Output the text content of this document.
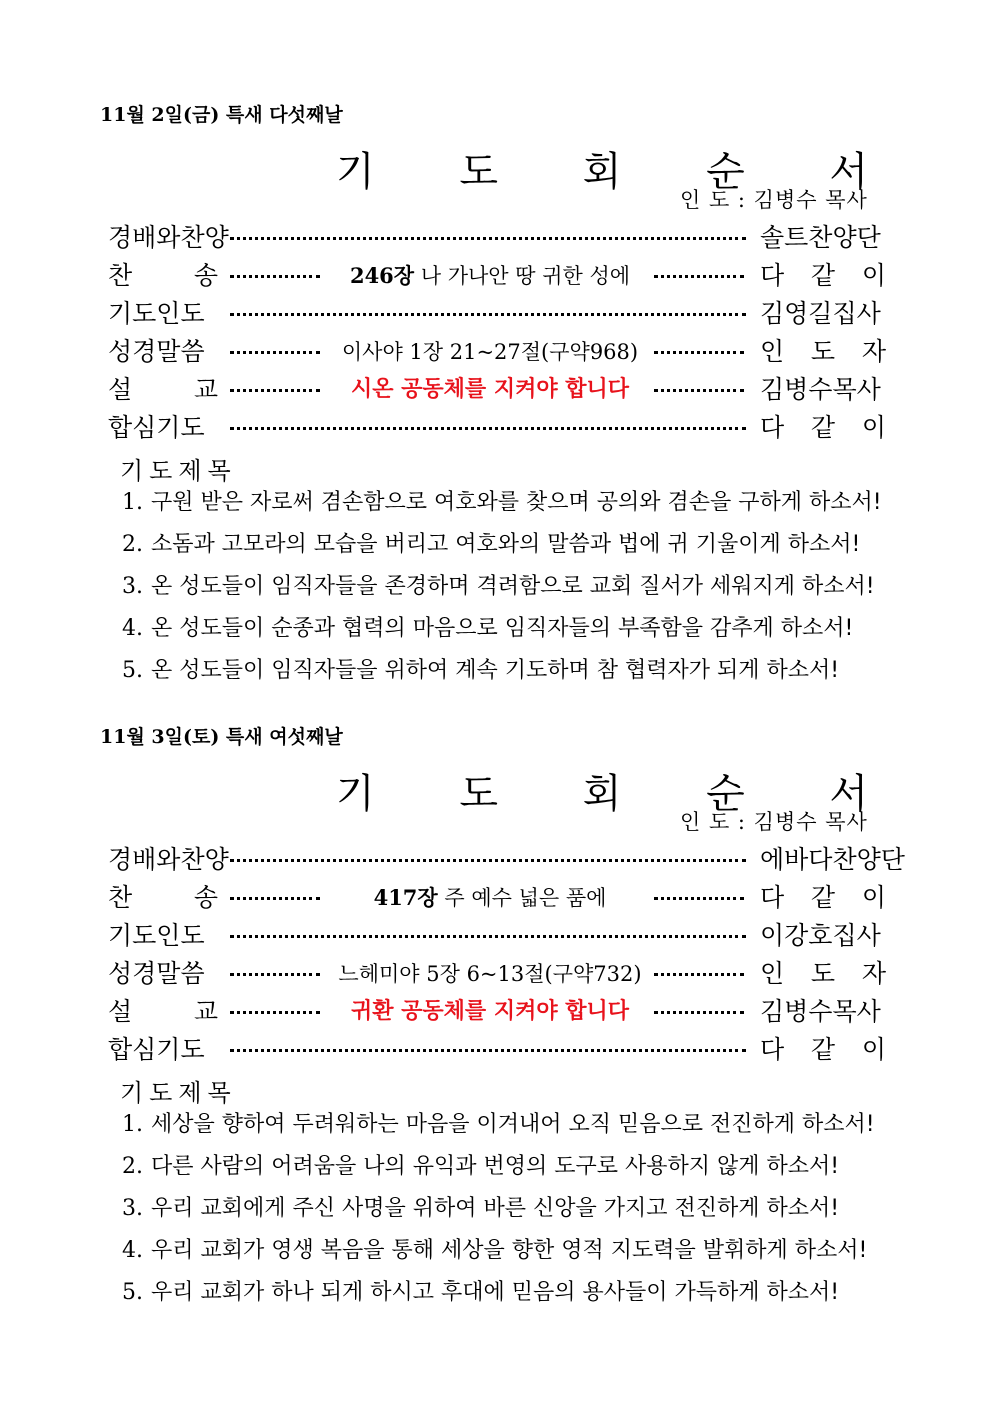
11월 2일(금) 특새 다섯째날
기 도 회 순 서
인 도 : 김병수 목사
경배와찬양	솔트찬양단
찬 송	246장 나 가나안 땅 귀한 성에	다 같 이
기도인도	김영길집사
성경말씀	이사야 1장 21~27절(구약968)	인 도 자
설 교	시온 공동체를 지켜야 합니다	김병수목사
합심기도	다 같 이
기도제목
1. 구원 받은 자로써 겸손함으로 여호와를 찾으며 공의와 겸손을 구하게 하소서!
2. 소돔과 고모라의 모습을 버리고 여호와의 말씀과 법에 귀 기울이게 하소서!
3. 온 성도들이 임직자들을 존경하며 격려함으로 교회 질서가 세워지게 하소서!
4. 온 성도들이 순종과 협력의 마음으로 임직자들의 부족함을 감추게 하소서!
5. 온 성도들이 임직자들을 위하여 계속 기도하며 참 협력자가 되게 하소서!
11월 3일(토) 특새 여섯째날
기 도 회 순 서
인 도 : 김병수 목사
경배와찬양	에바다찬양단
찬 송	417장 주 예수 넓은 품에	다 같 이
기도인도	이강호집사
성경말씀	느헤미야 5장 6~13절(구약732)	인 도 자
설 교	귀환 공동체를 지켜야 합니다	김병수목사
합심기도	다 같 이
기도제목
1. 세상을 향하여 두려워하는 마음을 이겨내어 오직 믿음으로 전진하게 하소서!
2. 다른 사람의 어려움을 나의 유익과 번영의 도구로 사용하지 않게 하소서!
3. 우리 교회에게 주신 사명을 위하여 바른 신앙을 가지고 전진하게 하소서!
4. 우리 교회가 영생 복음을 통해 세상을 향한 영적 지도력을 발휘하게 하소서!
5. 우리 교회가 하나 되게 하시고 후대에 믿음의 용사들이 가득하게 하소서!
